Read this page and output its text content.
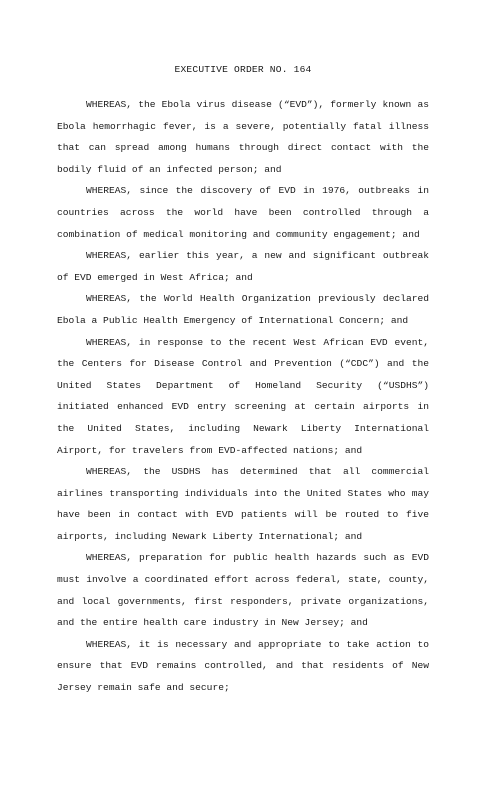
EXECUTIVE ORDER NO. 164

WHEREAS, the Ebola virus disease (“EVD”), formerly known as Ebola hemorrhagic fever, is a severe, potentially fatal illness that can spread among humans through direct contact with the bodily fluid of an infected person; and

WHEREAS, since the discovery of EVD in 1976, outbreaks in countries across the world have been controlled through a combination of medical monitoring and community engagement; and

WHEREAS, earlier this year, a new and significant outbreak of EVD emerged in West Africa; and

WHEREAS, the World Health Organization previously declared Ebola a Public Health Emergency of International Concern; and

WHEREAS, in response to the recent West African EVD event, the Centers for Disease Control and Prevention (“CDC”) and the United States Department of Homeland Security (“USDHS”) initiated enhanced EVD entry screening at certain airports in the United States, including Newark Liberty International Airport, for travelers from EVD-affected nations; and

WHEREAS, the USDHS has determined that all commercial airlines transporting individuals into the United States who may have been in contact with EVD patients will be routed to five airports, including Newark Liberty International; and

WHEREAS, preparation for public health hazards such as EVD must involve a coordinated effort across federal, state, county, and local governments, first responders, private organizations, and the entire health care industry in New Jersey; and

WHEREAS, it is necessary and appropriate to take action to ensure that EVD remains controlled, and that residents of New Jersey remain safe and secure;
